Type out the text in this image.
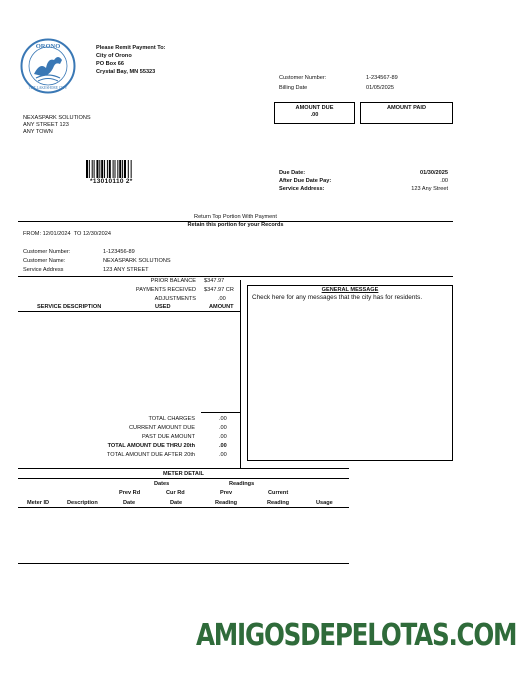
ORONO
THE LAKESHORE CITY
Please Remit Payment To:
City of Orono
PO Box 66
Crystal Bay, MN 55323
Customer Number:	1-234567-89
Billing Date	01/05/2025
AMOUNT DUE
.00
AMOUNT PAID
NEXASPARK SOLUTIONS
ANY STREET 123
ANY TOWN
*13010110 2*
Due Date:	01/30/2025
After Due Date Pay:	.00
Service Address:	123 Any Street
Return Top Portion With Payment
Retain this portion for your Records
FROM: 12/01/2024 TO 12/30/2024
Customer Number:	1-123456-89
Customer Name:	NEXASPARK SOLUTIONS
Service Address	123 ANY STREET
PRIOR BALANCE $347.97
PAYMENTS RECEIVED $347.97 CR
ADJUSTMENTS	.00
SERVICE DESCRIPTION	USED	AMOUNT
GENERAL MESSAGE
Check here for any messages that the city has for residents.
TOTAL CHARGES	.00
CURRENT AMOUNT DUE	.00
PAST DUE AMOUNT	.00
TOTAL AMOUNT DUE THRU 20th	.00
TOTAL AMOUNT DUE AFTER 20th	.00
METER DETAIL
Dates	Readings
Prev Rd	Cur Rd	Prev	Current
Meter ID	Description	Date	Date	Reading	Reading	Usage
AMIGOSDEPELOTAS.COM
